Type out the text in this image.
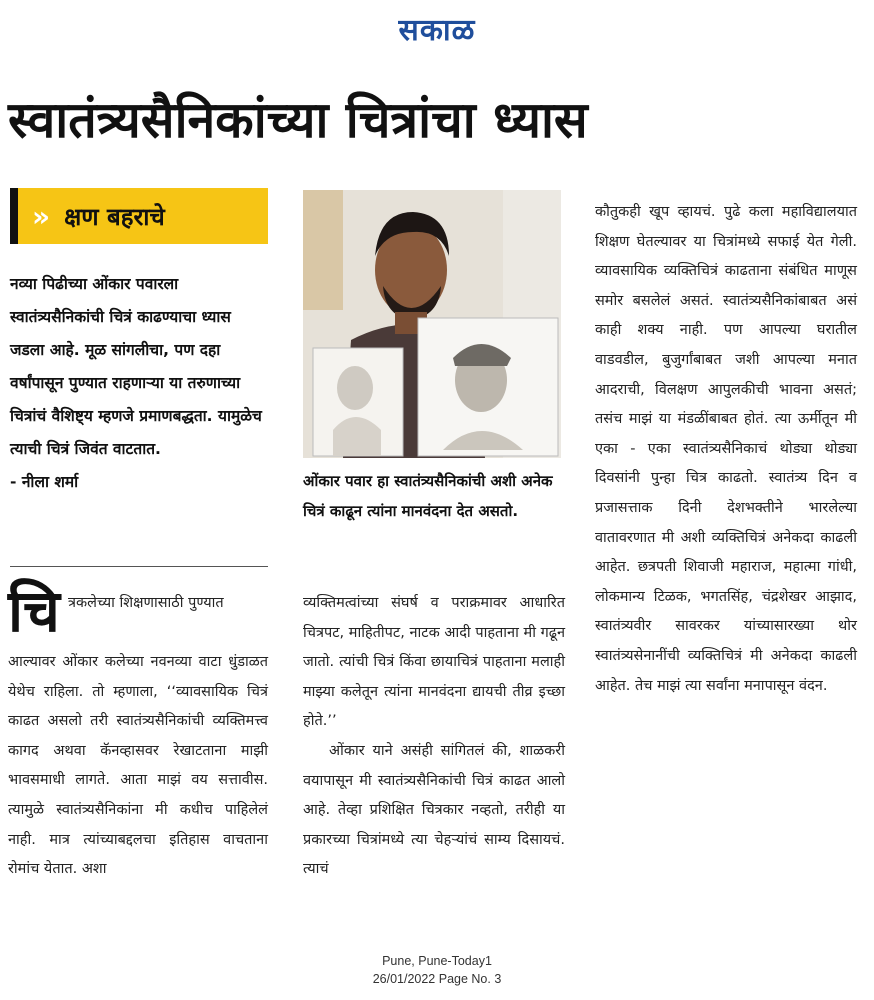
सकाळ
स्वातंत्र्यसैनिकांच्या चित्रांचा ध्यास
» क्षण बहराचे
नव्या पिढीच्या ओंकार पवारला स्वातंत्र्यसैनिकांची चित्रं काढण्याचा ध्यास जडला आहे. मूळ सांगलीचा, पण दहा वर्षांपासून पुण्यात राहणाऱ्या या तरुणाच्या चित्रांचं वैशिष्ट्य म्हणजे प्रमाणबद्धता. यामुळेच त्याची चित्रं जिवंत वाटतात.
- नीला शर्मा
चि त्रकलेच्या शिक्षणासाठी पुण्यात
आल्यावर ओंकार कलेच्या नवनव्या वाटा धुंडाळत येथेच राहिला. तो म्हणाला, ‘‘व्यावसायिक चित्रं काढत असलो तरी स्वातंत्र्यसैनिकांची व्यक्तिमत्त्व कागद अथवा कॅनव्हासवर रेखाटताना माझी भावसमाधी लागते. आता माझं वय सत्तावीस. त्यामुळे स्वातंत्र्यसैनिकांना मी कधीच पाहिलेलं नाही. मात्र त्यांच्याबद्दलचा इतिहास वाचताना रोमांच येतात. अशा
ओंकार पवार हा स्वातंत्र्यसैनिकांची अशी अनेक चित्रं काढून त्यांना मानवंदना देत असतो.

व्यक्तिमत्वांच्या संघर्ष व पराक्रमावर आधारित चित्रपट, माहितीपट, नाटक आदी पाहताना मी गढून जातो. त्यांची चित्रं किंवा छायाचित्रं पाहताना मलाही माझ्या कलेतून त्यांना मानवंदना द्यायची तीव्र इच्छा होते.’’

ओंकार याने असंही सांगितलं की, शाळकरी वयापासून मी स्वातंत्र्यसैनिकांची चित्रं काढत आलो आहे. तेव्हा प्रशिक्षित चित्रकार नव्हतो, तरीही या प्रकारच्या चित्रांमध्ये त्या चेहऱ्यांचं साम्य दिसायचं. त्याचं

कौतुकही खूप व्हायचं. पुढे कला महाविद्यालयात शिक्षण घेतल्यावर या चित्रांमध्ये सफाई येत गेली. व्यावसायिक व्यक्तिचित्रं काढताना संबंधित माणूस समोर बसलेलं असतं. स्वातंत्र्यसैनिकांबाबत असं काही शक्य नाही. पण आपल्या घरातील वाडवडील, बुजुर्गांबाबत जशी आपल्या मनात आदराची, विलक्षण आपुलकीची भावना असतं; तसंच माझं या मंडळींबाबत होतं. त्या ऊर्मीतून मी एका - एका स्वातंत्र्यसैनिकाचं थोड्या थोड्या दिवसांनी पुन्हा चित्र काढतो. स्वातंत्र्य दिन व प्रजासत्ताक दिनी देशभक्तीने भारलेल्या वातावरणात मी अशी व्यक्तिचित्रं अनेकदा काढली आहेत. छत्रपती शिवाजी महाराज, महात्मा गांधी, लोकमान्य टिळक, भगतसिंह, चंद्रशेखर आझाद, स्वातंत्र्यवीर सावरकर यांच्यासारख्या थोर स्वातंत्र्यसेनानींची व्यक्तिचित्रं मी अनेकदा काढली आहेत. तेच माझं त्या सर्वांना मनापासून वंदन.
Pune, Pune-Today1
26/01/2022 Page No. 3
